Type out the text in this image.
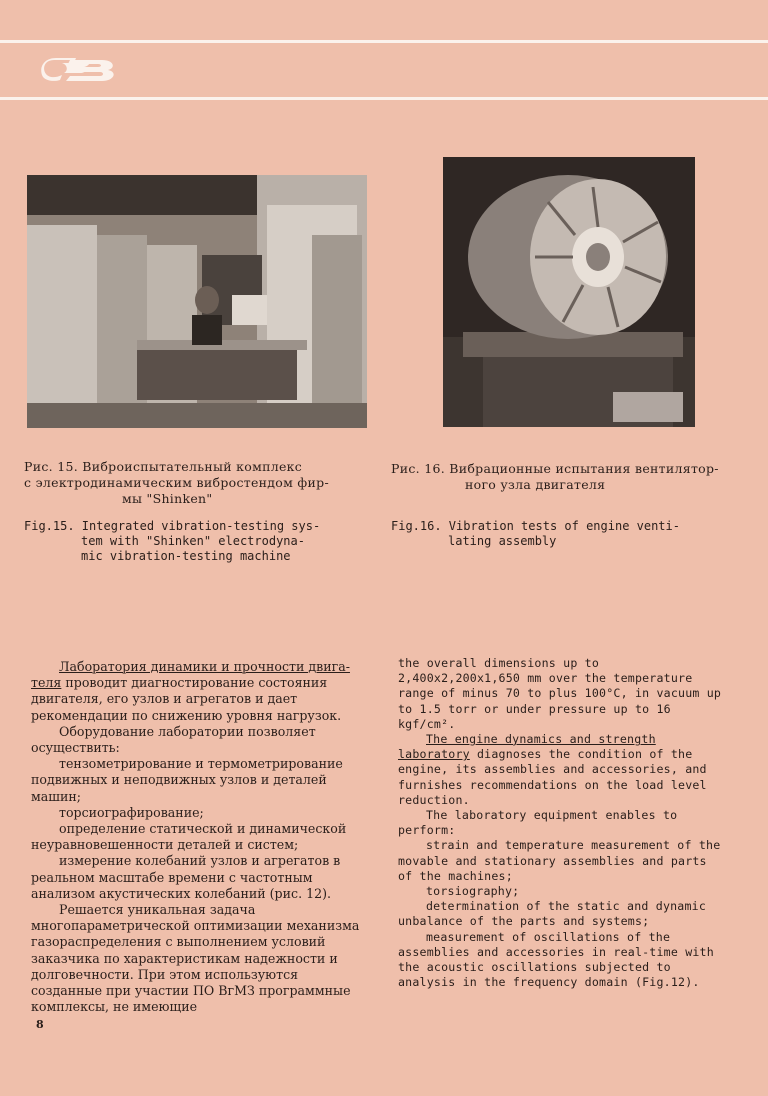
Рис. 15. Виброиспытательный комплекс
с электродинамическим вибростендом фир-
мы "Shinken"
Fig.15. Integrated vibration-testing sys-
tem with "Shinken" electrodyna-
mic vibration-testing machine
Рис. 16. Вибрационные испытания вентилятор-
ного узла двигателя
Fig.16. Vibration tests of engine venti-
lating assembly

Лаборатория динамики и прочности двига- теля проводит диагностирование состояния двигателя, его узлов и агрегатов и дает рекомендации по снижению уровня нагрузок.

Оборудование лаборатории позволяет осуществить:

тензометрирование и термометрирование подвижных и неподвижных узлов и деталей машин;

торсиографирование;

определение статической и динамической неуравновешенности деталей и систем;

измерение колебаний узлов и агрегатов в реальном масштабе времени с частотным анализом акустических колебаний (рис. 12).

Решается уникальная задача многопараметрической оптимизации механизма газораспределения с выполнением условий заказчика по характеристикам надежности и долговечности. При этом используются созданные при участии ПО ВгМЗ программные комплексы, не имеющие

the overall dimensions up to 2,400x2,200x1,650 mm over the temperature range of minus 70 to plus 100°C, in vacuum up to 1.5 torr or under pressure up to 16 kgf/cm².

The engine dynamics and strength laboratory diagnoses the condition of the engine, its assemblies and accessories, and furnishes recommendations on the load level reduction.

The laboratory equipment enables to perform:

strain and temperature measurement of the movable and stationary assemblies and parts of the machines;

torsiography;

determination of the static and dynamic unbalance of the parts and systems;

measurement of oscillations of the assemblies and accessories in real-time with the acoustic oscillations subjected to analysis in the frequency domain (Fig.12).

8
